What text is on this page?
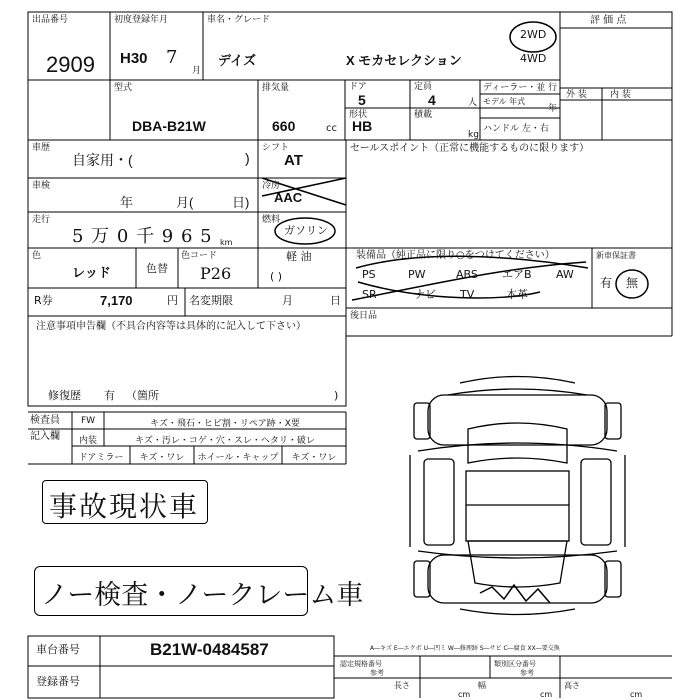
出品番号
2909
初度登録年月
H30 7
月
車名・グレード
デイズ	X モカセレクション
2WD
4WD
評 価 点
外 装	内 装
型式
DBA-B21W
排気量
660	cc
ドア
5
定員
4	人
形状
HB
積載
kg
ディーラー・並 行
モデル 年式
年
ハンドル 左・右
車歴
自家用・(	)
シフト
AT
車検
年	月(	日)
冷房
AAC
走行
5 万 0 千 9 6 5 km
燃料
ガソリン
色
レッド	色替
色コード
P26
軽 油
( )
R券	7,170	円 名変期限	月	日
セールスポイント（正常に機能するものに限ります）
装備品（純正品に限り○をつけてください）
PS	PW	ABS エアB AW
SR	ナビ TV	本革
新車保証書
有 無
後日品
注意事項申告欄（不具合内容等は具体的に記入して下さい）
修復歴 有 （箇所	)
検査員
記入欄
FW	キズ・飛石・ヒビ割・リペア跡・X要
内装	キズ・汚レ・コゲ・穴・スレ・ヘタリ・破レ
ドアミラー	キズ・ワレ	ホイール・キャップ	キズ・ワレ
事故現状車
ノー検査・ノークレーム車
A―キズ E―エクボ U―凹ミ W―修理跡 S―サビ C―腐食 XX―要交換
車台番号	B21W-0484587
登録番号
認定規格番号
参考
類別区分番号
参考
長さ
cm
幅
cm
高さ
cm
